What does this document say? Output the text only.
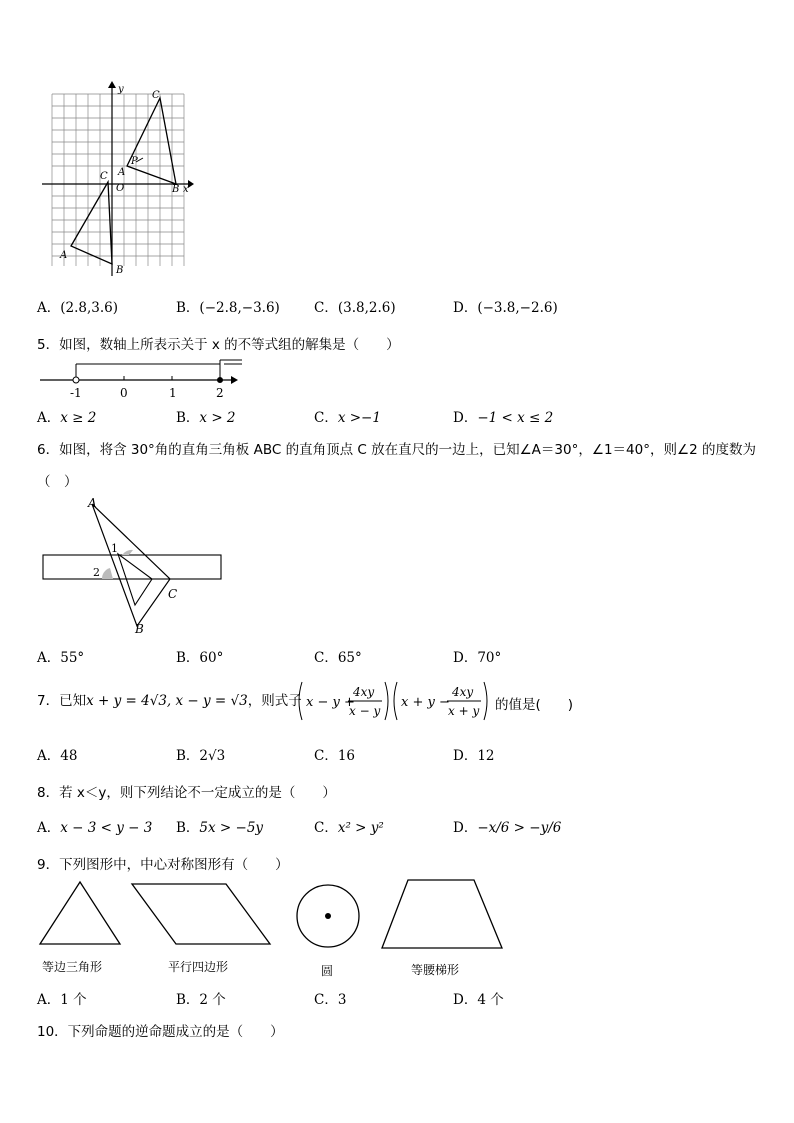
y
x
C
P
A
O	B
C
A
B
A．(2.8,3.6)	B．(−2.8,−3.6)	C．(3.8,2.6)	D．(−3.8,−2.6)
5．如图，数轴上所表示关于 x 的不等式组的解集是（　　）
-1	0	1	2
A．x ≥ 2	B．x > 2	C．x >−1	D．−1 < x ≤ 2
6．如图，将含 30°角的直角三角板 ABC 的直角顶点 C 放在直尺的一边上，已知∠A＝30°，∠1＝40°，则∠2 的度数为
（　）
A
B
C
1
2
A．55°	B．60°	C．65°	D．70°
7．已知x + y = 4√3, x − y = √3，则式子 x − y +
4xy
x − y
x + y −
4xy
x + y 的值是(　　)
A．48	B．2√3	C．16	D．12
8．若 x＜y，则下列结论不一定成立的是（　　）
A．x − 3 < y − 3 B．5x > −5y	C．x² > y²	D．−x/6 > −y/6
9．下列图形中，中心对称图形有（　　）
等边三角形	平行四边形	圆	等腰梯形
A．1 个	B．2 个	C．3	D．4 个
10．下列命题的逆命题成立的是（　　）
